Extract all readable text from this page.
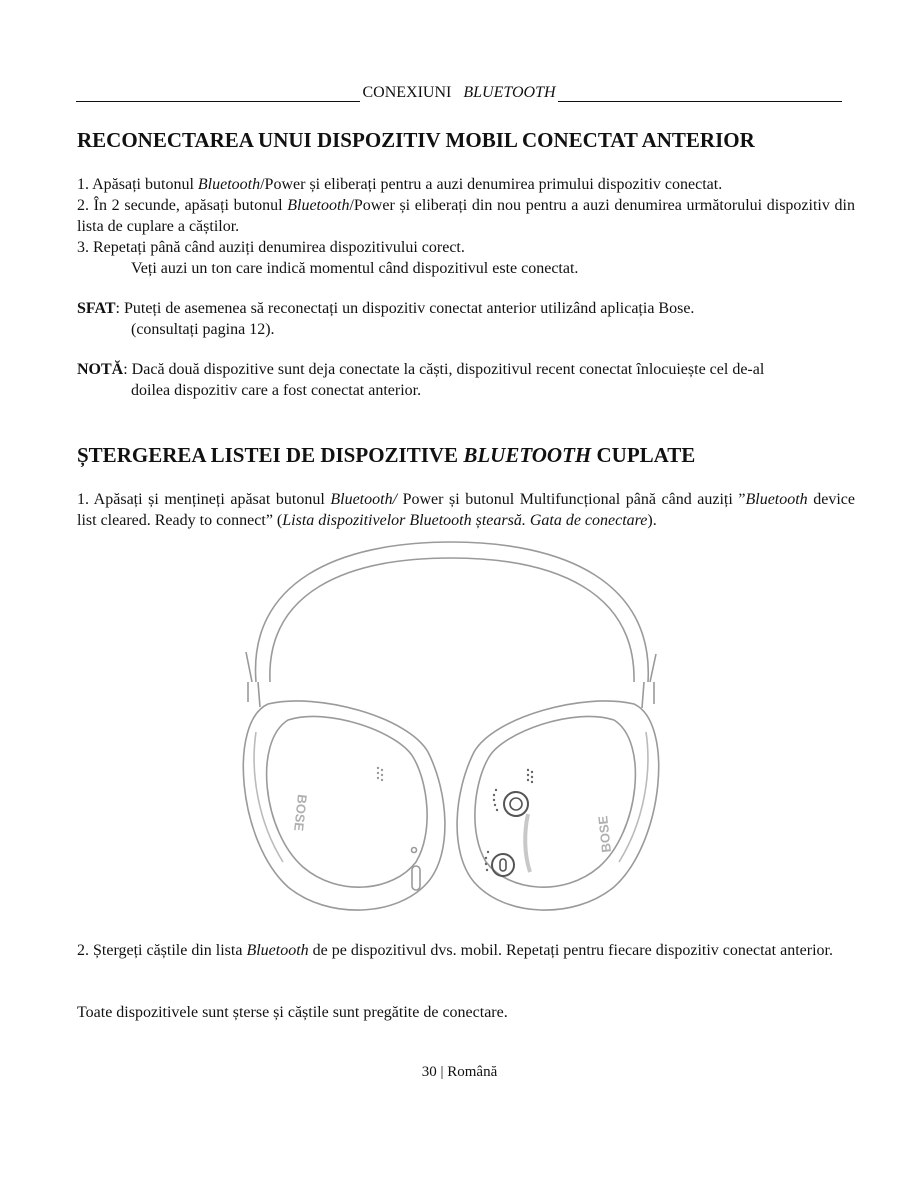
CONEXIUNI BLUETOOTH
RECONECTAREA UNUI DISPOZITIV MOBIL CONECTAT ANTERIOR

1. Apăsați butonul Bluetooth/Power și eliberați pentru a auzi denumirea primului dispozitiv conectat.

2. În 2 secunde, apăsați butonul Bluetooth/Power și eliberați din nou pentru a auzi denumirea următorului dispozitiv din lista de cuplare a căștilor.

3. Repetați până când auziți denumirea dispozitivului corect.

Veți auzi un ton care indică momentul când dispozitivul este conectat.

SFAT: Puteți de asemenea să reconectați un dispozitiv conectat anterior utilizând aplicația Bose.

(consultați pagina 12).

NOTĂ: Dacă două dispozitive sunt deja conectate la căști, dispozitivul recent conectat înlocuiește cel de-al

doilea dispozitiv care a fost conectat anterior.

ȘTERGEREA LISTEI DE DISPOZITIVE BLUETOOTH CUPLATE
1. Apăsați și mențineți apăsat butonul Bluetooth/ Power și butonul Multifuncțional până când auziți ”Bluetooth device list cleared. Ready to connect” (Lista dispozitivelor Bluetooth ștearsă. Gata de conectare).
BOSE
BOSE

2. Ștergeți căștile din lista Bluetooth de pe dispozitivul dvs. mobil. Repetați pentru fiecare dispozitiv conectat anterior.

Toate dispozitivele sunt șterse și căștile sunt pregătite de conectare.
30 | Română
